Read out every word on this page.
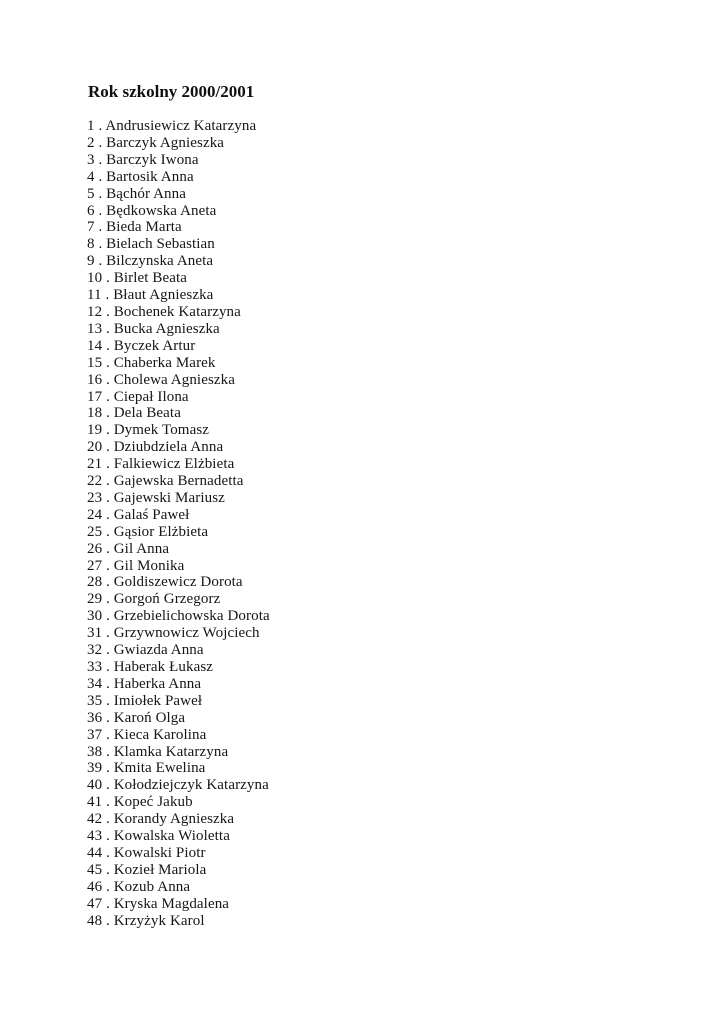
Rok szkolny 2000/2001
1 . Andrusiewicz Katarzyna
2 . Barczyk Agnieszka
3 . Barczyk Iwona
4 . Bartosik Anna
5 . Bąchór Anna
6 . Będkowska Aneta
7 . Bieda Marta
8 . Bielach Sebastian
9 . Bilczynska Aneta
10 . Birlet Beata
11 . Błaut Agnieszka
12 . Bochenek Katarzyna
13 . Bucka Agnieszka
14 . Byczek Artur
15 . Chaberka Marek
16 . Cholewa Agnieszka
17 . Ciepał Ilona
18 . Dela Beata
19 . Dymek Tomasz
20 . Dziubdziela Anna
21 . Falkiewicz Elżbieta
22 . Gajewska Bernadetta
23 . Gajewski Mariusz
24 . Galaś Paweł
25 . Gąsior Elżbieta
26 . Gil Anna
27 . Gil Monika
28 . Goldiszewicz Dorota
29 . Gorgoń Grzegorz
30 . Grzebielichowska Dorota
31 . Grzywnowicz Wojciech
32 . Gwiazda Anna
33 . Haberak Łukasz
34 . Haberka Anna
35 . Imiołek Paweł
36 . Karoń Olga
37 . Kieca Karolina
38 . Klamka Katarzyna
39 . Kmita Ewelina
40 . Kołodziejczyk Katarzyna
41 . Kopeć Jakub
42 . Korandy Agnieszka
43 . Kowalska Wioletta
44 . Kowalski Piotr
45 . Kozieł Mariola
46 . Kozub Anna
47 . Kryska Magdalena
48 . Krzyżyk Karol
